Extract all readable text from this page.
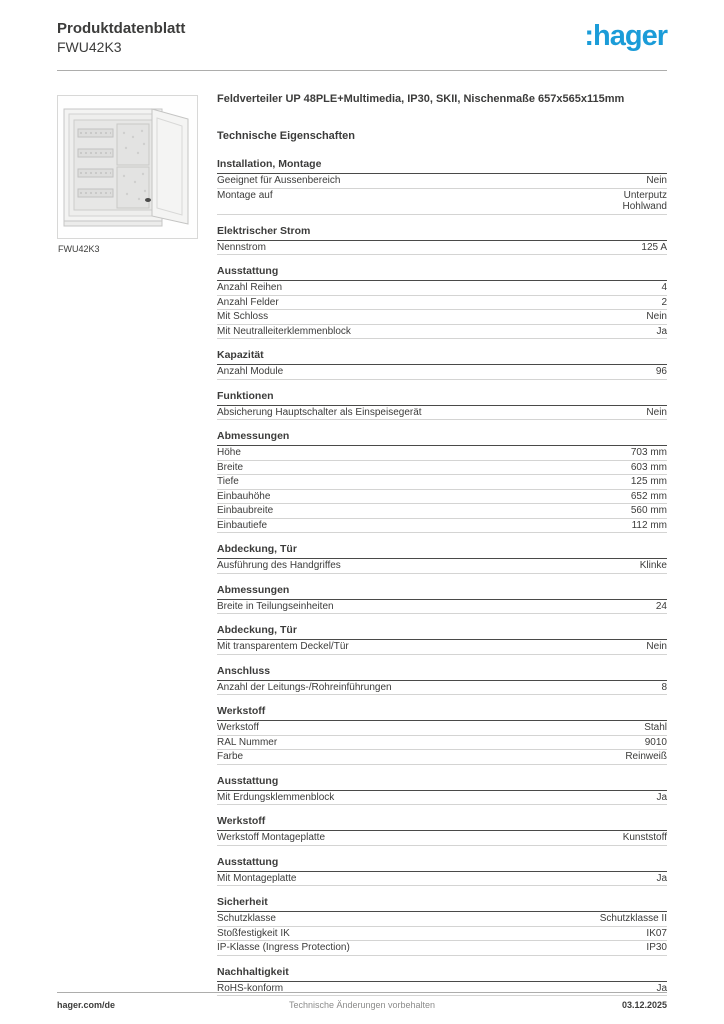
Produktdatenblatt
FWU42K3	:hager
FWU42K3
Feldverteiler UP 48PLE+Multimedia, IP30, SKII, Nischenmaße 657x565x115mm
Technische Eigenschaften
Installation, Montage
Geeignet für Aussenbereich	Nein
Montage auf	Unterputz
Hohlwand
Elektrischer Strom
Nennstrom	125 A
Ausstattung
Anzahl Reihen	4
Anzahl Felder	2
Mit Schloss	Nein
Mit Neutralleiterklemmenblock	Ja
Kapazität
Anzahl Module	96
Funktionen
Absicherung Hauptschalter als Einspeisegerät	Nein
Abmessungen
Höhe	703 mm
Breite	603 mm
Tiefe	125 mm
Einbauhöhe	652 mm
Einbaubreite	560 mm
Einbautiefe	112 mm
Abdeckung, Tür
Ausführung des Handgriffes	Klinke
Abmessungen
Breite in Teilungseinheiten	24
Abdeckung, Tür
Mit transparentem Deckel/Tür	Nein
Anschluss
Anzahl der Leitungs-/Rohreinführungen	8
Werkstoff
Werkstoff	Stahl
RAL Nummer	9010
Farbe	Reinweiß
Ausstattung
Mit Erdungsklemmenblock	Ja
Werkstoff
Werkstoff Montageplatte	Kunststoff
Ausstattung
Mit Montageplatte	Ja
Sicherheit
Schutzklasse	Schutzklasse II
Stoßfestigkeit IK	IK07
IP-Klasse (Ingress Protection)	IP30
Nachhaltigkeit
RoHS-konform	Ja
hager.com/de	Technische Änderungen vorbehalten	03.12.2025
